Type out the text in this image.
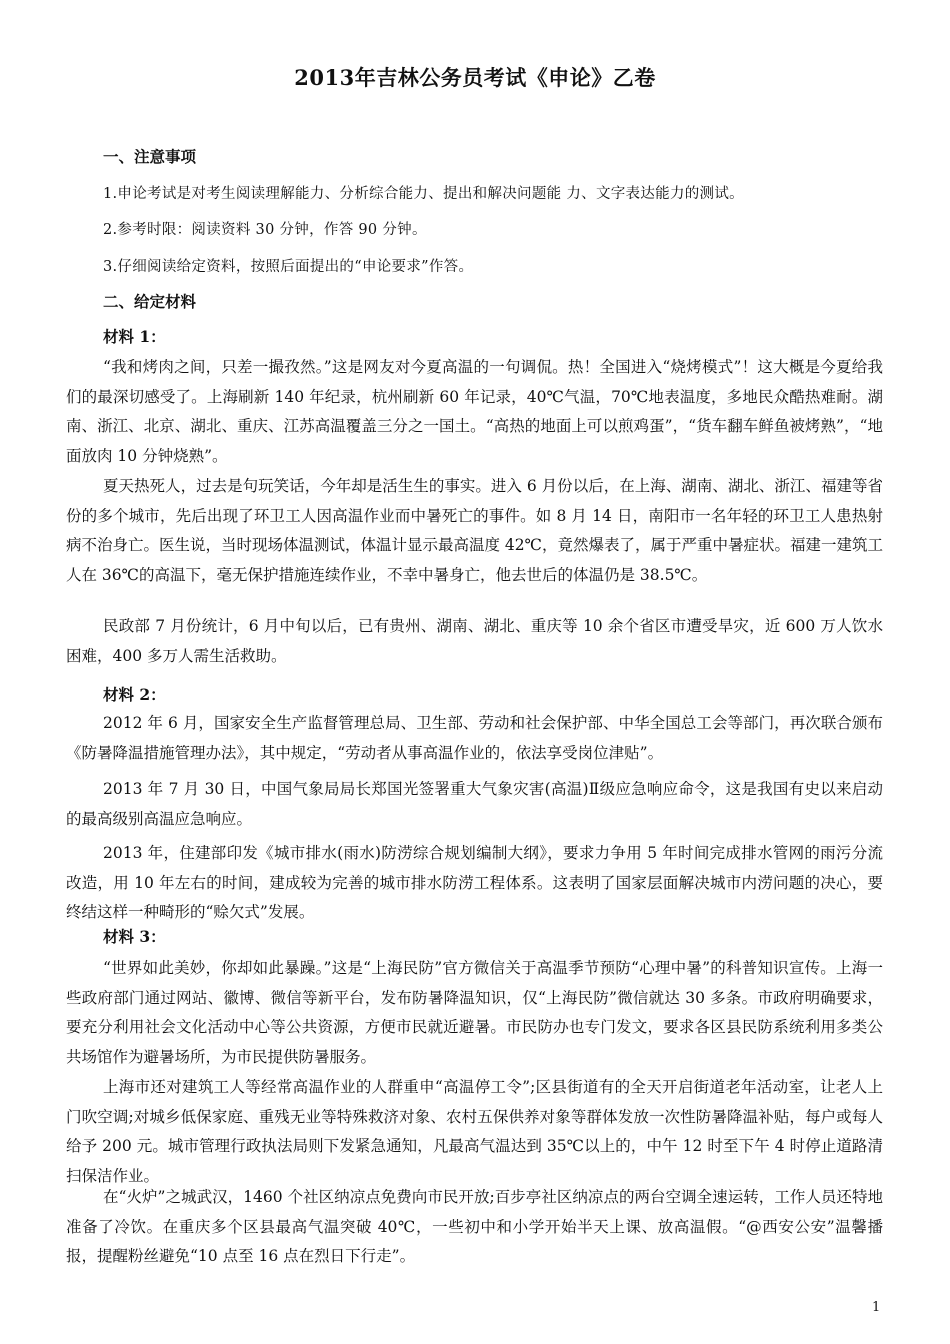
2013年吉林公务员考试《申论》乙卷
一、注意事项
1.申论考试是对考生阅读理解能力、分析综合能力、提出和解决问题能 力、文字表达能力的测试。
2.参考时限：阅读资料 30 分钟，作答 90 分钟。
3.仔细阅读给定资料，按照后面提出的“申论要求”作答。
二、给定材料
材料 1：

“我和烤肉之间，只差一撮孜然。”这是网友对今夏高温的一句调侃。热！全国进入“烧烤模式”！这大概是今夏给我们的最深切感受了。上海刷新 140 年纪录，杭州刷新 60 年记录，40℃气温，70℃地表温度，多地民众酷热难耐。湖南、浙江、北京、湖北、重庆、江苏高温覆盖三分之一国土。“高热的地面上可以煎鸡蛋”，“货车翻车鲜鱼被烤熟”，“地面放肉 10 分钟烧熟”。

夏天热死人，过去是句玩笑话，今年却是活生生的事实。进入 6 月份以后，在上海、湖南、湖北、浙江、福建等省份的多个城市，先后出现了环卫工人因高温作业而中暑死亡的事件。如 8 月 14 日，南阳市一名年轻的环卫工人患热射病不治身亡。医生说，当时现场体温测试，体温计显示最高温度 42℃，竟然爆表了，属于严重中暑症状。福建一建筑工人在 36℃的高温下，毫无保护措施连续作业，不幸中暑身亡，他去世后的体温仍是 38.5℃。

民政部 7 月份统计，6 月中旬以后，已有贵州、湖南、湖北、重庆等 10 余个省区市遭受旱灾，近 600 万人饮水困难，400 多万人需生活救助。

材料 2：

2012 年 6 月，国家安全生产监督管理总局、卫生部、劳动和社会保护部、中华全国总工会等部门，再次联合颁布《防暑降温措施管理办法》，其中规定，“劳动者从事高温作业的，依法享受岗位津贴”。

2013 年 7 月 30 日，中国气象局局长郑国光签署重大气象灾害(高温)Ⅱ级应急响应命令，这是我国有史以来启动的最高级别高温应急响应。

2013 年，住建部印发《城市排水(雨水)防涝综合规划编制大纲》，要求力争用 5 年时间完成排水管网的雨污分流改造，用 10 年左右的时间，建成较为完善的城市排水防涝工程体系。这表明了国家层面解决城市内涝问题的决心，要终结这样一种畸形的“赊欠式”发展。

材料 3：

“世界如此美妙，你却如此暴躁。”这是“上海民防”官方微信关于高温季节预防“心理中暑”的科普知识宣传。上海一些政府部门通过网站、徽博、微信等新平台，发布防暑降温知识，仅“上海民防”微信就达 30 多条。市政府明确要求，要充分利用社会文化活动中心等公共资源，方便市民就近避暑。市民防办也专门发文，要求各区县民防系统利用多类公共场馆作为避暑场所，为市民提供防暑服务。

上海市还对建筑工人等经常高温作业的人群重申“高温停工令”;区县街道有的全天开启街道老年活动室，让老人上门吹空调;对城乡低保家庭、重残无业等特殊救济对象、农村五保供养对象等群体发放一次性防暑降温补贴，每户或每人给予 200 元。城市管理行政执法局则下发紧急通知，凡最高气温达到 35℃以上的，中午 12 时至下午 4 时停止道路清扫保洁作业。

在“火炉”之城武汉，1460 个社区纳凉点免费向市民开放;百步亭社区纳凉点的两台空调全速运转，工作人员还特地准备了冷饮。在重庆多个区县最高气温突破 40℃，一些初中和小学开始半天上课、放高温假。“@西安公安”温馨播报，提醒粉丝避免“10 点至 16 点在烈日下行走”。

1
